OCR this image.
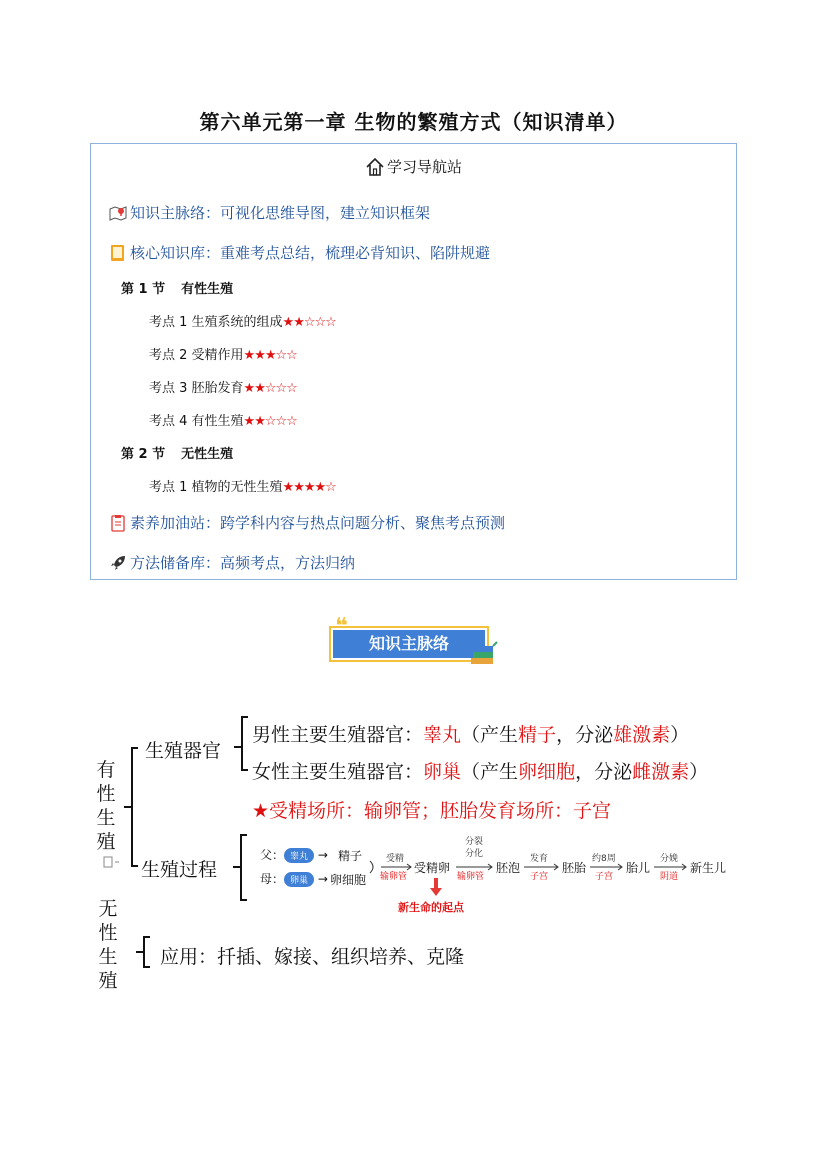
第六单元第一章 生物的繁殖方式（知识清单）
学习导航站
知识主脉络：可视化思维导图，建立知识框架
核心知识库：重难考点总结，梳理必背知识、陷阱规避
第 1 节 有性生殖
考点 1 生殖系统的组成★★☆☆☆
考点 2 受精作用★★★☆☆
考点 3 胚胎发育★★☆☆☆
考点 4 有性生殖★★☆☆☆
第 2 节 无性生殖
考点 1 植物的无性生殖★★★★☆
素养加油站：跨学科内容与热点问题分析、聚焦考点预测
方法储备库：高频考点，方法归纳
知识主脉络
❝
有性生殖
生殖器官
生殖过程
男性主要生殖器官：睾丸（产生精子，分泌雄激素）
女性主要生殖器官：卵巢（产生卵细胞，分泌雌激素）
★受精场所：输卵管；胚胎发育场所：子宫
父： 睾丸 → 精子
母： 卵巢 → 卵细胞
受精
输卵管
受精卵
分裂 分化
输卵管
胚泡
发育
子宫
胚胎
约8周
子宫
胎儿
分娩
阴道
新生儿
新生命的起点
无性生殖
应用：扦插、嫁接、组织培养、克隆
